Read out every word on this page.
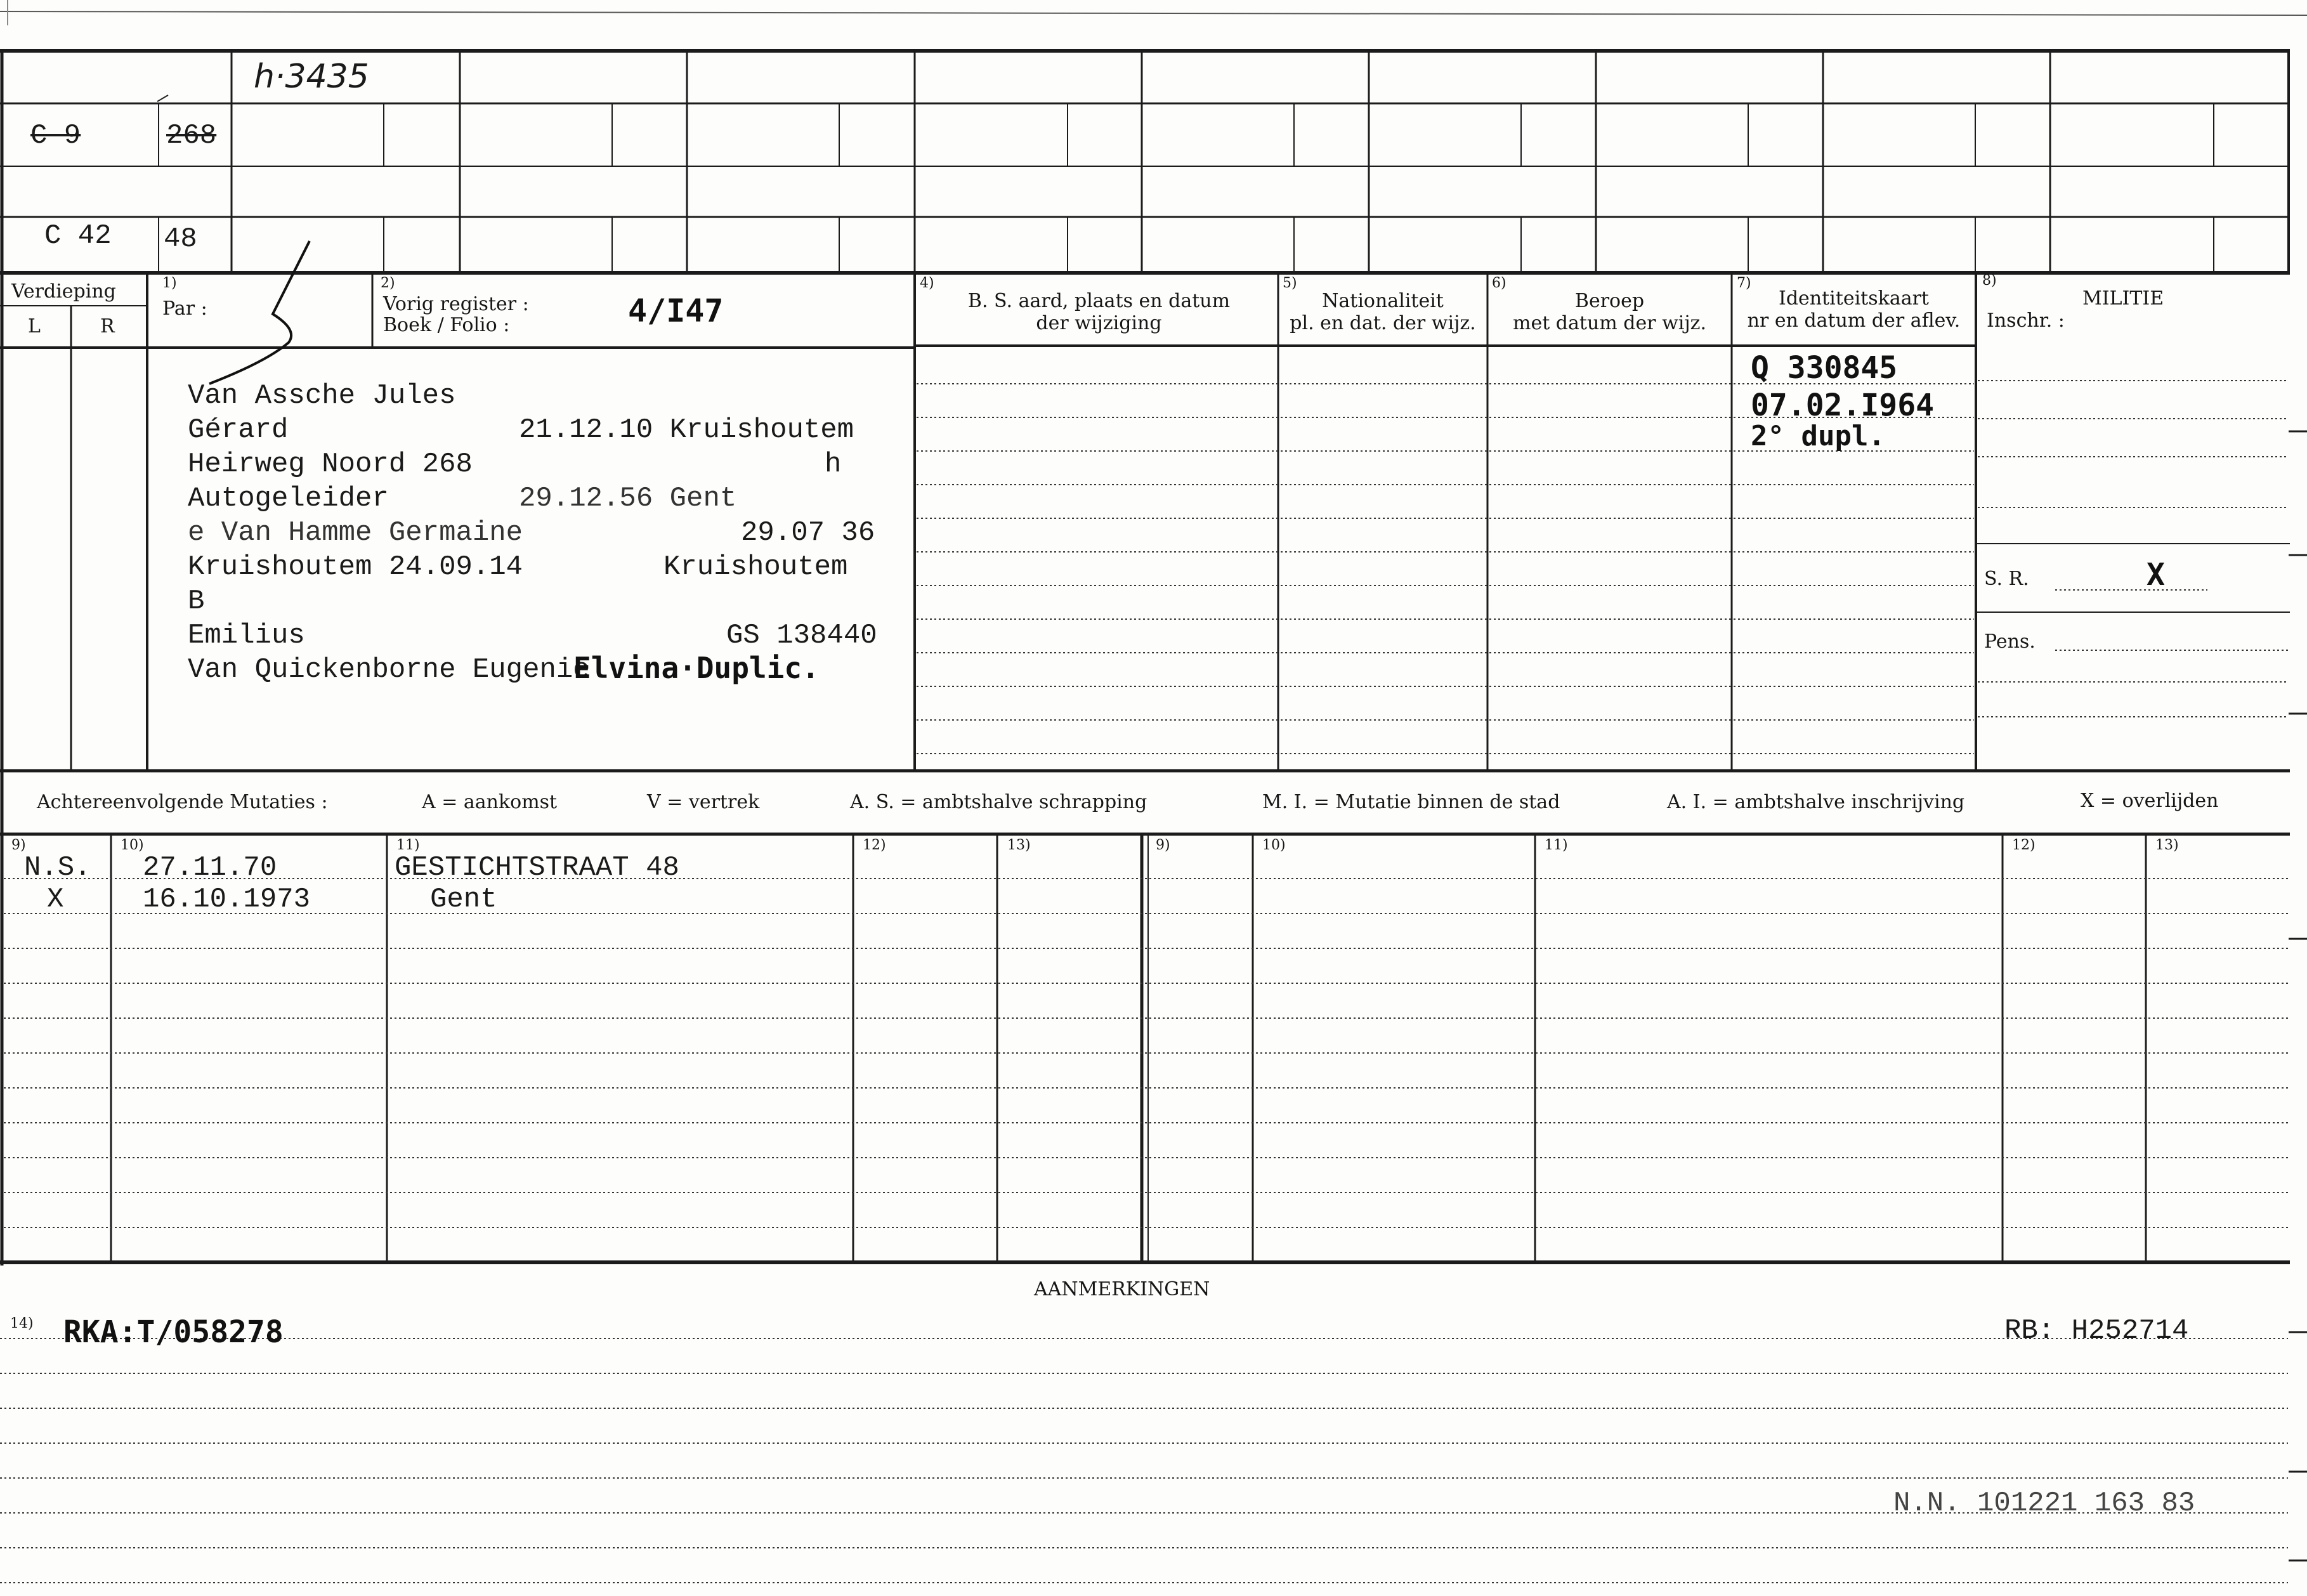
h·3435
C 9	268
C 42 48
Verdieping
L	R
1)
Par :
2)
Vorig register :
Boek / Folio :	4/I47
4)
B. S. aard, plaats en datum
der wijziging
5)
Nationaliteit
pl. en dat. der wijz.
6)
Beroep
met datum der wijz.
7)
Identiteitskaart
nr en datum der aflev.
8)
MILITIE
Inschr. :
Van Assche Jules
Gérard	21.12.10 Kruishoutem
Heirweg Noord 268	h
Autogeleider	29.12.56 Gent
e Van Hamme Germaine	29.07 36
Kruishoutem 24.09.14	Kruishoutem
B
Emilius	GS 138440
Van Quickenborne Eugenie
Elvina·Duplic.
Q 330845
07.02.I964
2° dupl.
S. R.	X
Pens.
Achtereenvolgende Mutaties :	A = aankomst	V = vertrek	A. S. = ambtshalve schrapping	M. I. = Mutatie binnen de stad	A. I. = ambtshalve inschrijving	X = overlijden
9)	10)	11)	12)	13)	9)	10)	11)	12)	13)
N.S. 27.11.70	GESTICHTSTRAAT 48
X	16.10.1973	Gent
AANMERKINGEN
14) RKA:T/058278	RB: H252714
N.N. 101221 163 83
